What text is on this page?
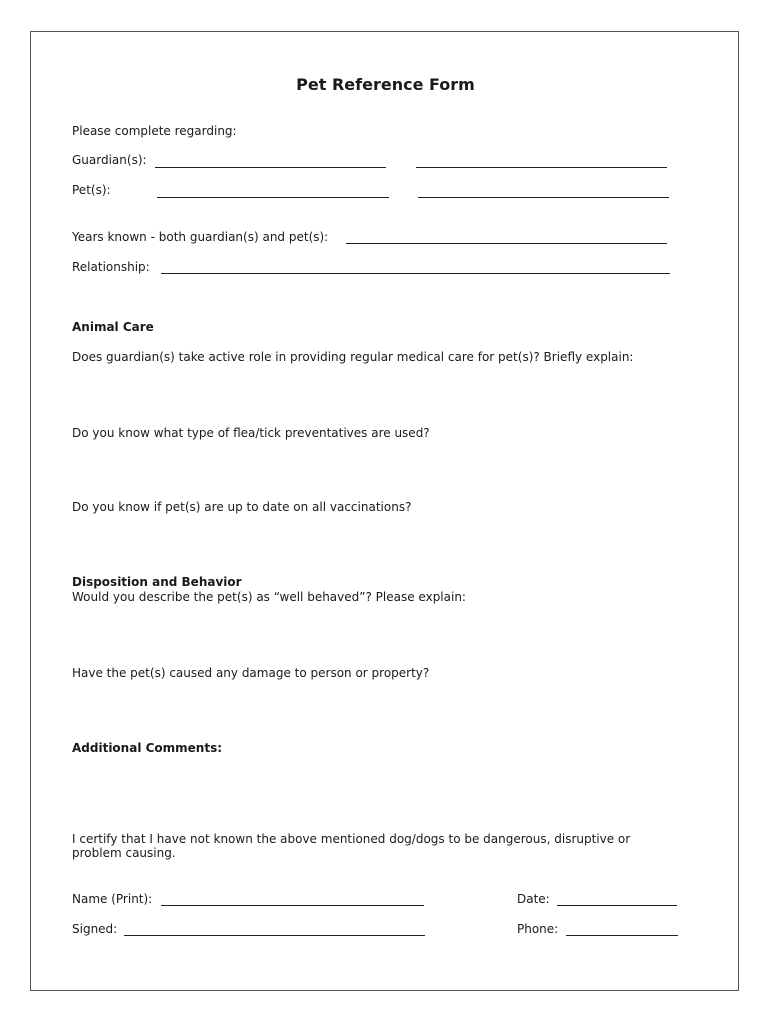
Pet Reference Form
Please complete regarding:
Guardian(s):
Pet(s):
Years known - both guardian(s) and pet(s):
Relationship:
Animal Care
Does guardian(s) take active role in providing regular medical care for pet(s)? Briefly explain:
Do you know what type of flea/tick preventatives are used?
Do you know if pet(s) are up to date on all vaccinations?
Disposition and Behavior
Would you describe the pet(s) as “well behaved”? Please explain:
Have the pet(s) caused any damage to person or property?
Additional Comments:
I certify that I have not known the above mentioned dog/dogs to be dangerous, disruptive or problem causing.
Name (Print):	Date:
Signed:	Phone:
